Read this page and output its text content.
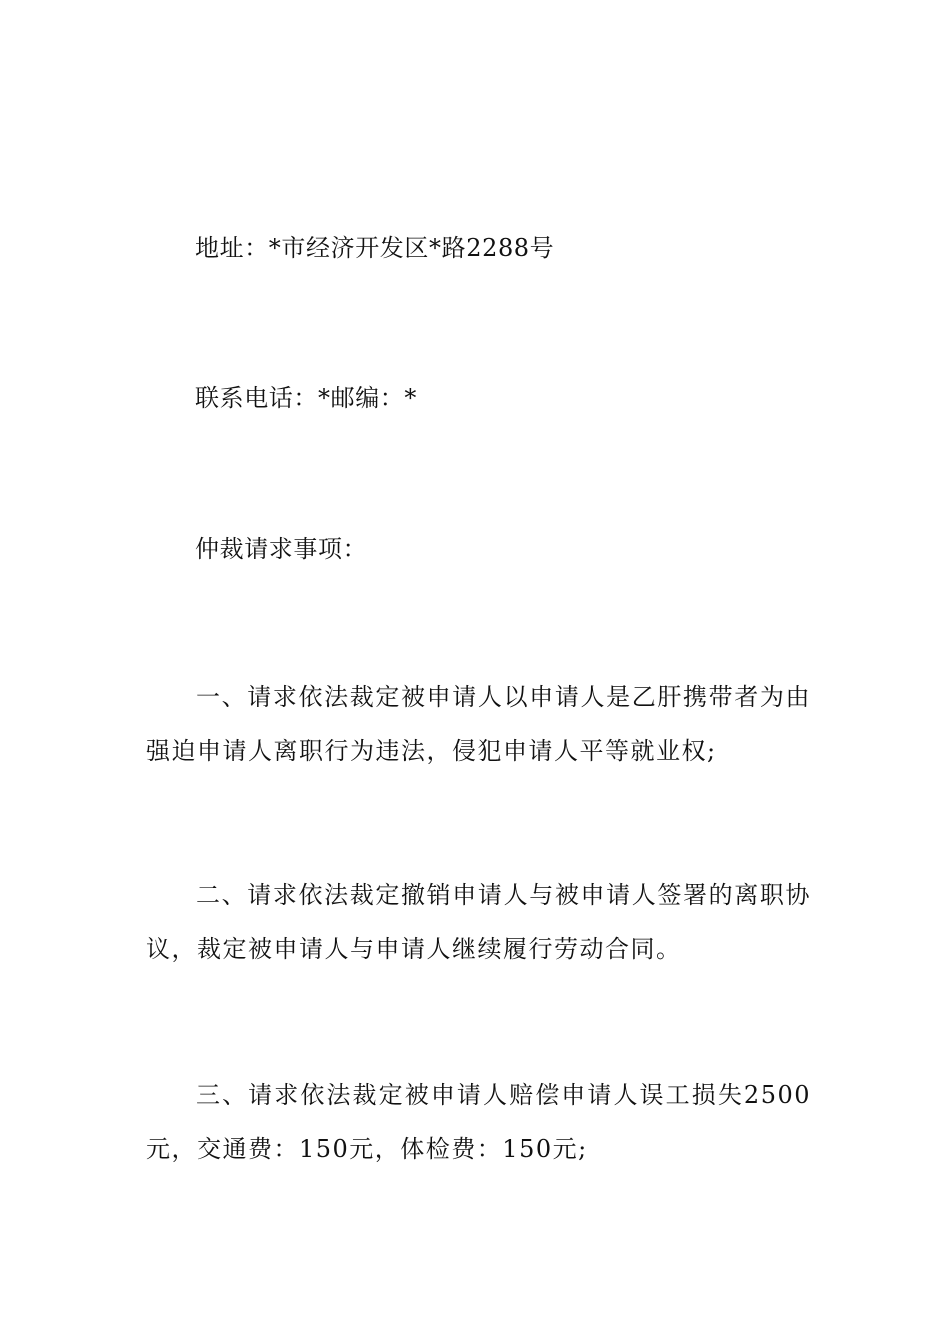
地址：*市经济开发区*路2288号
联系电话：*邮编：*
仲裁请求事项：
一、请求依法裁定被申请人以申请人是乙肝携带者为由强迫申请人离职行为违法，侵犯申请人平等就业权;
二、请求依法裁定撤销申请人与被申请人签署的离职协议，裁定被申请人与申请人继续履行劳动合同。
三、请求依法裁定被申请人赔偿申请人误工损失2500元，交通费：150元，体检费：150元;
